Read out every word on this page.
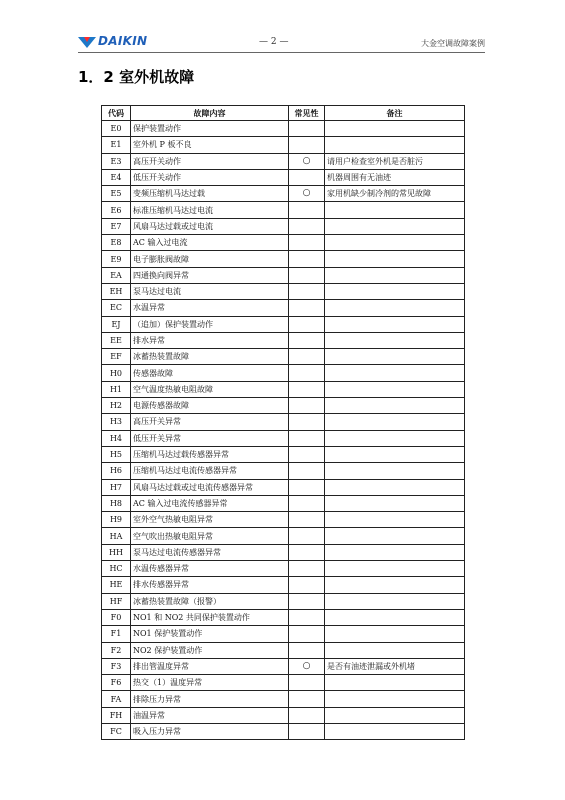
DAIKIN	— 2 —	大金空调故障案例
1．2 室外机故障
代码	故障内容	常见性	备注
E0	保护装置动作		
E1	室外机 P 板不良		
E3	高压开关动作	○	请用户检查室外机是否脏污
E4	低压开关动作		机器周围有无油迹
E5	变频压缩机马达过载	○	家用机缺少制冷剂的常见故障
E6	标准压缩机马达过电流		
E7	风扇马达过载或过电流		
E8	AC 输入过电流		
E9	电子膨胀阀故障		
EA	四通换向阀异常		
EH	泵马达过电流		
EC	水温异常		
EJ	（追加）保护装置动作		
EE	排水异常		
EF	冰蓄热装置故障		
H0	传感器故障		
H1	空气温度热敏电阻故障		
H2	电源传感器故障		
H3	高压开关异常		
H4	低压开关异常		
H5	压缩机马达过载传感器异常		
H6	压缩机马达过电流传感器异常		
H7	风扇马达过载或过电流传感器异常		
H8	AC 输入过电流传感器异常		
H9	室外空气热敏电阻异常		
HA	空气吹出热敏电阻异常		
HH	泵马达过电流传感器异常		
HC	水温传感器异常		
HE	排水传感器异常		
HF	冰蓄热装置故障（报警）		
F0	NO1 和 NO2 共同保护装置动作		
F1	NO1 保护装置动作		
F2	NO2 保护装置动作		
F3	排出管温度异常	○	是否有油迹泄漏或外机堵
F6	热交（1）温度异常		
FA	排除压力异常		
FH	油温异常		
FC	吸入压力异常		
